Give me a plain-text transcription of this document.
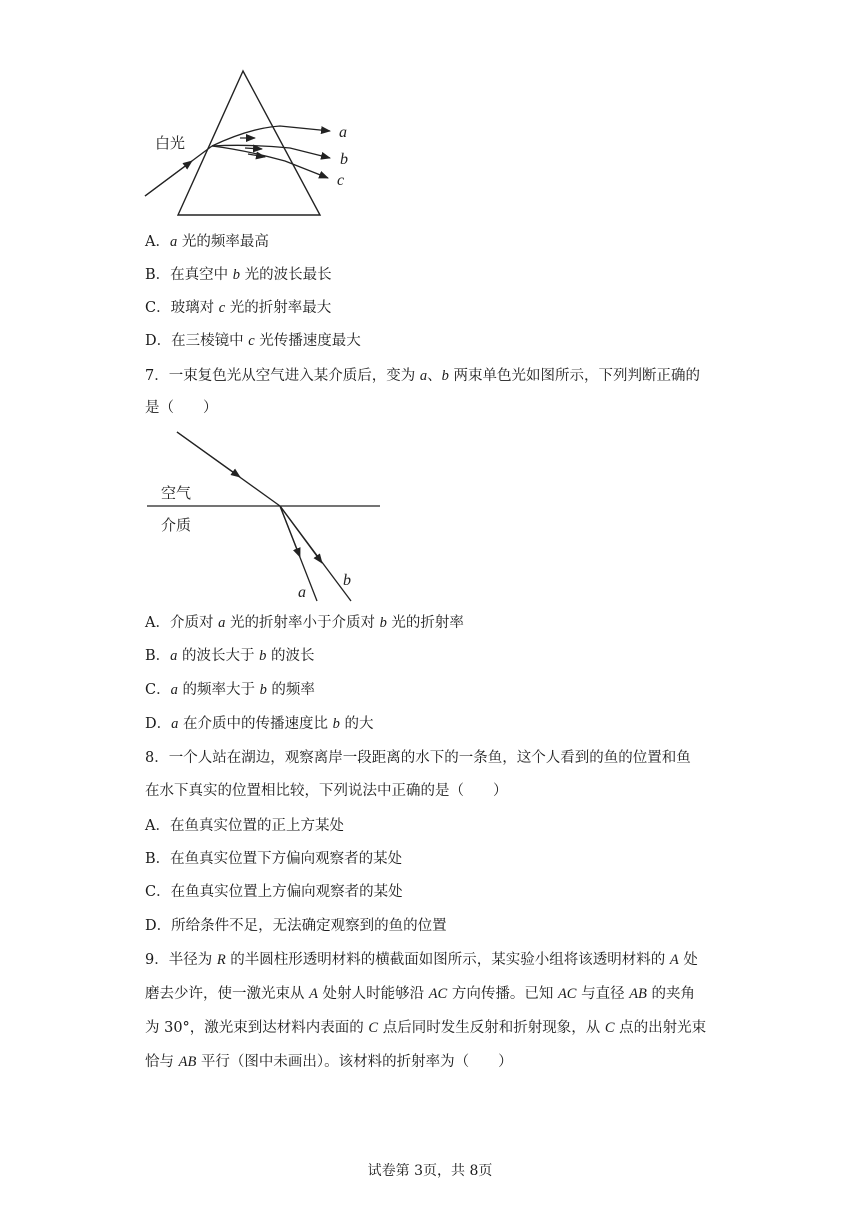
白光
a
b
c
A．a 光的频率最高
B．在真空中 b 光的波长最长
C．玻璃对 c 光的折射率最大
D．在三棱镜中 c 光传播速度最大
7．一束复色光从空气进入某介质后，变为 a、b 两束单色光如图所示，下列判断正确的
是（　　）
空气
介质
a
b
A．介质对 a 光的折射率小于介质对 b 光的折射率
B．a 的波长大于 b 的波长
C．a 的频率大于 b 的频率
D．a 在介质中的传播速度比 b 的大
8．一个人站在湖边，观察离岸一段距离的水下的一条鱼，这个人看到的鱼的位置和鱼
在水下真实的位置相比较，下列说法中正确的是（　　）
A．在鱼真实位置的正上方某处
B．在鱼真实位置下方偏向观察者的某处
C．在鱼真实位置上方偏向观察者的某处
D．所给条件不足，无法确定观察到的鱼的位置
9．半径为 R 的半圆柱形透明材料的横截面如图所示，某实验小组将该透明材料的 A 处
磨去少许，使一激光束从 A 处射人时能够沿 AC 方向传播。已知 AC 与直径 AB 的夹角
为 30°，激光束到达材料内表面的 C 点后同时发生反射和折射现象，从 C 点的出射光束
恰与 AB 平行（图中未画出）。该材料的折射率为（　　）
试卷第 3页，共 8页
